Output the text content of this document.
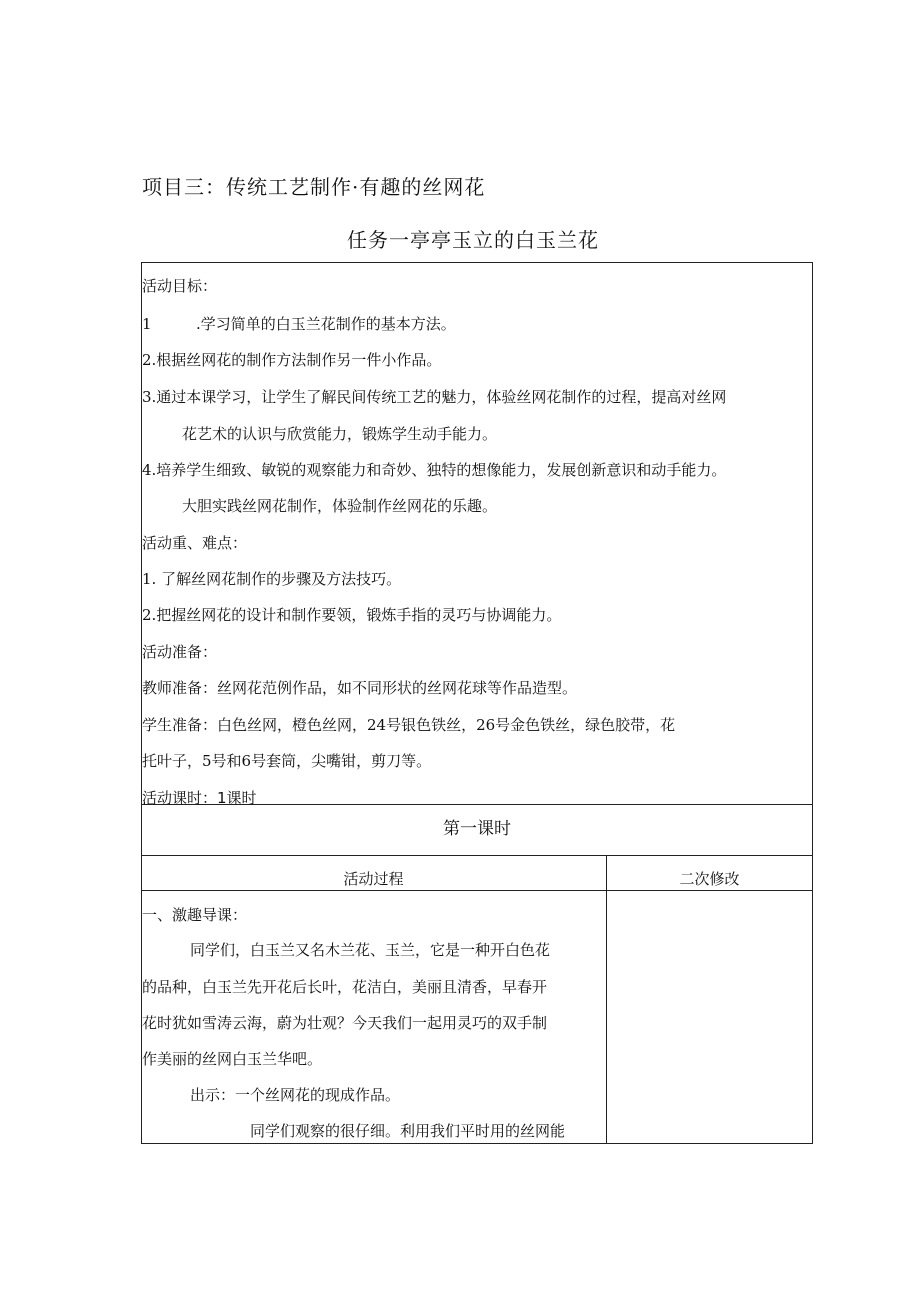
项目三：传统工艺制作·有趣的丝网花
任务一亭亭玉立的白玉兰花
活动目标：
1	.学习简单的白玉兰花制作的基本方法。
2.根据丝网花的制作方法制作另一件小作品。
3.通过本课学习，让学生了解民间传统工艺的魅力，体验丝网花制作的过程，提高对丝网
花艺术的认识与欣赏能力，锻炼学生动手能力。
4.培养学生细致、敏锐的观察能力和奇妙、独特的想像能力，发展创新意识和动手能力。
大胆实践丝网花制作，体验制作丝网花的乐趣。
活动重、难点：
1. 了解丝网花制作的步骤及方法技巧。
2.把握丝网花的设计和制作要领，锻炼手指的灵巧与协调能力。
活动准备：
教师准备：丝网花范例作品，如不同形状的丝网花球等作品造型。
学生准备：白色丝网，橙色丝网，24号银色铁丝，26号金色铁丝，绿色胶带，花
托叶子，5号和6号套筒，尖嘴钳，剪刀等。
活动课时：1课时
第一课时
活动过程	二次修改
一、激趣导课：
同学们，白玉兰又名木兰花、玉兰，它是一种开白色花
的品种，白玉兰先开花后长叶，花洁白，美丽且清香，早春开
花时犹如雪涛云海，蔚为壮观？今天我们一起用灵巧的双手制
作美丽的丝网白玉兰华吧。
出示：一个丝网花的现成作品。
同学们观察的很仔细。利用我们平时用的丝网能
